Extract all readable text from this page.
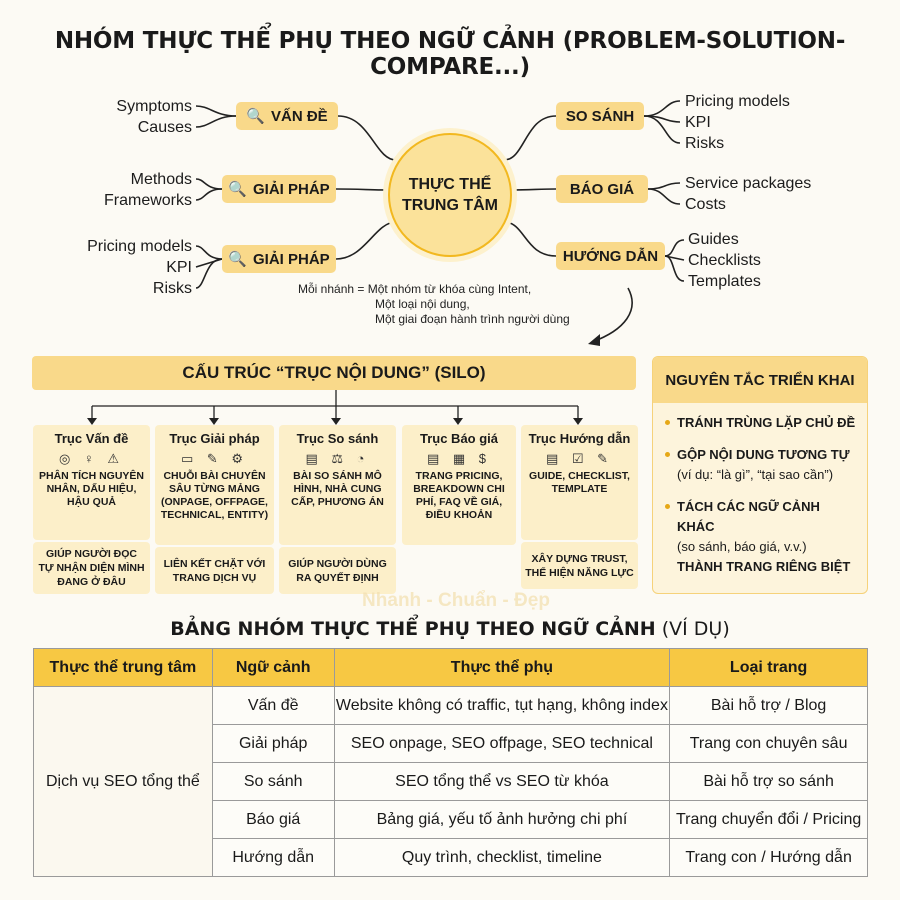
NHÓM THỰC THỂ PHỤ THEO NGỮ CẢNH (PROBLEM-SOLUTION-COMPARE...)
THỰC THỂ
TRUNG TÂM
🔍 VẤN ĐỀ
🔍 GIẢI PHÁP
🔍 GIẢI PHÁP
SO SÁNH
BÁO GIÁ
HƯỚNG DẪN
Symptoms
Causes
Methods
Frameworks
Pricing models
KPI
Risks
Pricing models
KPI
Risks
Service packages
Costs
Guides
Checklists
Templates
Mỗi nhánh = Một nhóm từ khóa cùng Intent,
Một loại nội dung,
Một giai đoạn hành trình người dùng
CẤU TRÚC “TRỤC NỘI DUNG” (SILO)
Trục Vấn đề
◎ ♀ ⚠
PHÂN TÍCH NGUYÊN NHÂN, DẤU HIỆU, HẬU QUẢ
GIÚP NGƯỜI ĐỌC TỰ NHẬN DIỆN MÌNH ĐANG Ở ĐÂU
Trục Giải pháp
▭ ✎ ⚙
CHUỖI BÀI CHUYÊN SÂU TỪNG MẢNG (ONPAGE, OFFPAGE, TECHNICAL, ENTITY)
LIÊN KẾT CHẶT VỚI TRANG DỊCH VỤ
Trục So sánh
▤ ⚖ ◔
BÀI SO SÁNH MÔ HÌNH, NHÀ CUNG CẤP, PHƯƠNG ÁN
GIÚP NGƯỜI DÙNG RA QUYẾT ĐỊNH
Trục Báo giá
▤ ▦ $
TRANG PRICING, BREAKDOWN CHI PHÍ, FAQ VỀ GIÁ, ĐIỀU KHOẢN
Trục Hướng dẫn
▤ ☑ ✎
GUIDE, CHECKLIST, TEMPLATE
XÂY DỰNG TRUST, THỂ HIỆN NĂNG LỰC
NGUYÊN TẮC TRIỂN KHAI
TRÁNH TRÙNG LẶP CHỦ ĐỀ
GỘP NỘI DUNG TƯƠNG TỰ
(ví dụ: “là gì”, “tại sao cần”)
TÁCH CÁC NGỮ CẢNH KHÁC
(so sánh, báo giá, v.v.)
THÀNH TRANG RIÊNG BIỆT
Nhanh - Chuẩn - Đẹp
BẢNG NHÓM THỰC THỂ PHỤ THEO NGỮ CẢNH (VÍ DỤ)
Thực thể trung tâm	Ngữ cảnh	Thực thể phụ	Loại trang
Dịch vụ SEO tổng thể	Vấn đề	Website không có traffic, tụt hạng, không index	Bài hỗ trợ / Blog
	Giải pháp	SEO onpage, SEO offpage, SEO technical	Trang con chuyên sâu
	So sánh	SEO tổng thể vs SEO từ khóa	Bài hỗ trợ so sánh
	Báo giá	Bảng giá, yếu tố ảnh hưởng chi phí	Trang chuyển đổi / Pricing
	Hướng dẫn	Quy trình, checklist, timeline	Trang con / Hướng dẫn
